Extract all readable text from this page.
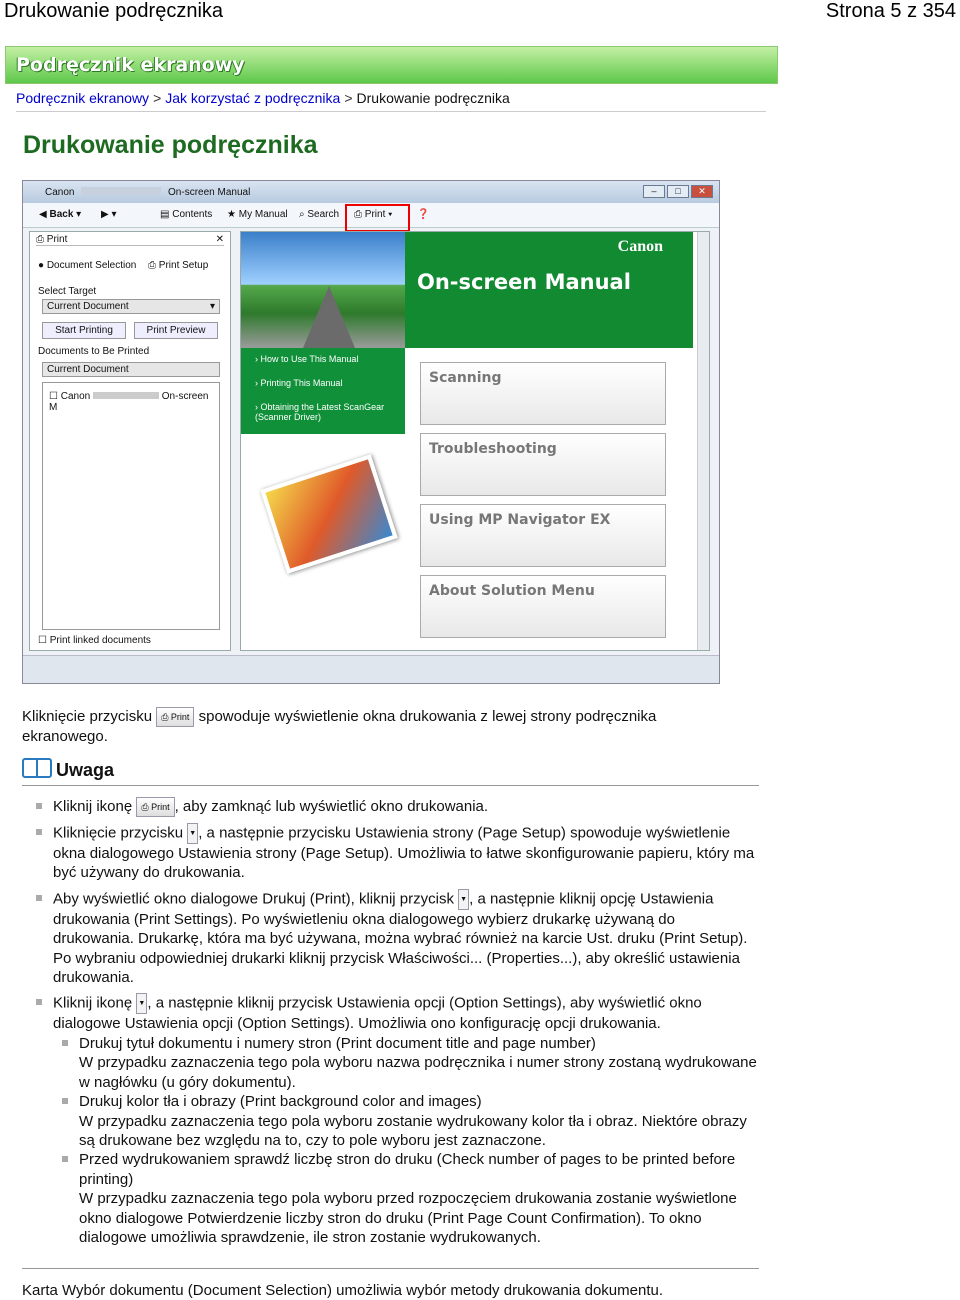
Drukowanie podręcznika	Strona 5 z 354
Podręcznik ekranowy
Podręcznik ekranowy > Jak korzystać z podręcznika > Drukowanie podręcznika
Drukowanie podręcznika
Canon	On-screen Manual	– □ ✕
◀ Back ▾ ▶ ▾	▤ Contents ★ My Manual ⌕ Search ⎙ Print ▾ ❓
⎙ Print	✕
● Document Selection ⎙ Print Setup
Select Target
Current Document	▾
Start Printing	Print Preview
Documents to Be Printed
Current Document
☐ Canon	On-screen M
☐ Print linked documents
Canon
On-screen Manual
› How to Use This Manual
› Printing This Manual
› Obtaining the Latest ScanGear
(Scanner Driver)
Scanning
Troubleshooting
Using MP Navigator EX
About Solution Menu
Kliknięcie przycisku ⎙ Print spowoduje wyświetlenie okna drukowania z lewej strony podręcznika ekranowego.
Uwaga
Kliknij ikonę ⎙ Print , aby zamknąć lub wyświetlić okno drukowania.
Kliknięcie przycisku ▼ , a następnie przycisku Ustawienia strony (Page Setup) spowoduje wyświetlenie okna dialogowego Ustawienia strony (Page Setup). Umożliwia to łatwe skonfigurowanie papieru, który ma być używany do drukowania.
Aby wyświetlić okno dialogowe Drukuj (Print), kliknij przycisk ▼ , a następnie kliknij opcję Ustawienia drukowania (Print Settings). Po wyświetleniu okna dialogowego wybierz drukarkę używaną do drukowania. Drukarkę, która ma być używana, można wybrać również na karcie Ust. druku (Print Setup).
Po wybraniu odpowiedniej drukarki kliknij przycisk Właściwości... (Properties...), aby określić ustawienia drukowania.
Kliknij ikonę ▼ , a następnie kliknij przycisk Ustawienia opcji (Option Settings), aby wyświetlić okno dialogowe Ustawienia opcji (Option Settings). Umożliwia ono konfigurację opcji drukowania.
Drukuj tytuł dokumentu i numery stron (Print document title and page number)
W przypadku zaznaczenia tego pola wyboru nazwa podręcznika i numer strony zostaną wydrukowane w nagłówku (u góry dokumentu).
Drukuj kolor tła i obrazy (Print background color and images)
W przypadku zaznaczenia tego pola wyboru zostanie wydrukowany kolor tła i obraz. Niektóre obrazy są drukowane bez względu na to, czy to pole wyboru jest zaznaczone.
Przed wydrukowaniem sprawdź liczbę stron do druku (Check number of pages to be printed before printing)
W przypadku zaznaczenia tego pola wyboru przed rozpoczęciem drukowania zostanie wyświetlone okno dialogowe Potwierdzenie liczby stron do druku (Print Page Count Confirmation). To okno dialogowe umożliwia sprawdzenie, ile stron zostanie wydrukowanych.
Karta Wybór dokumentu (Document Selection) umożliwia wybór metody drukowania dokumentu.
